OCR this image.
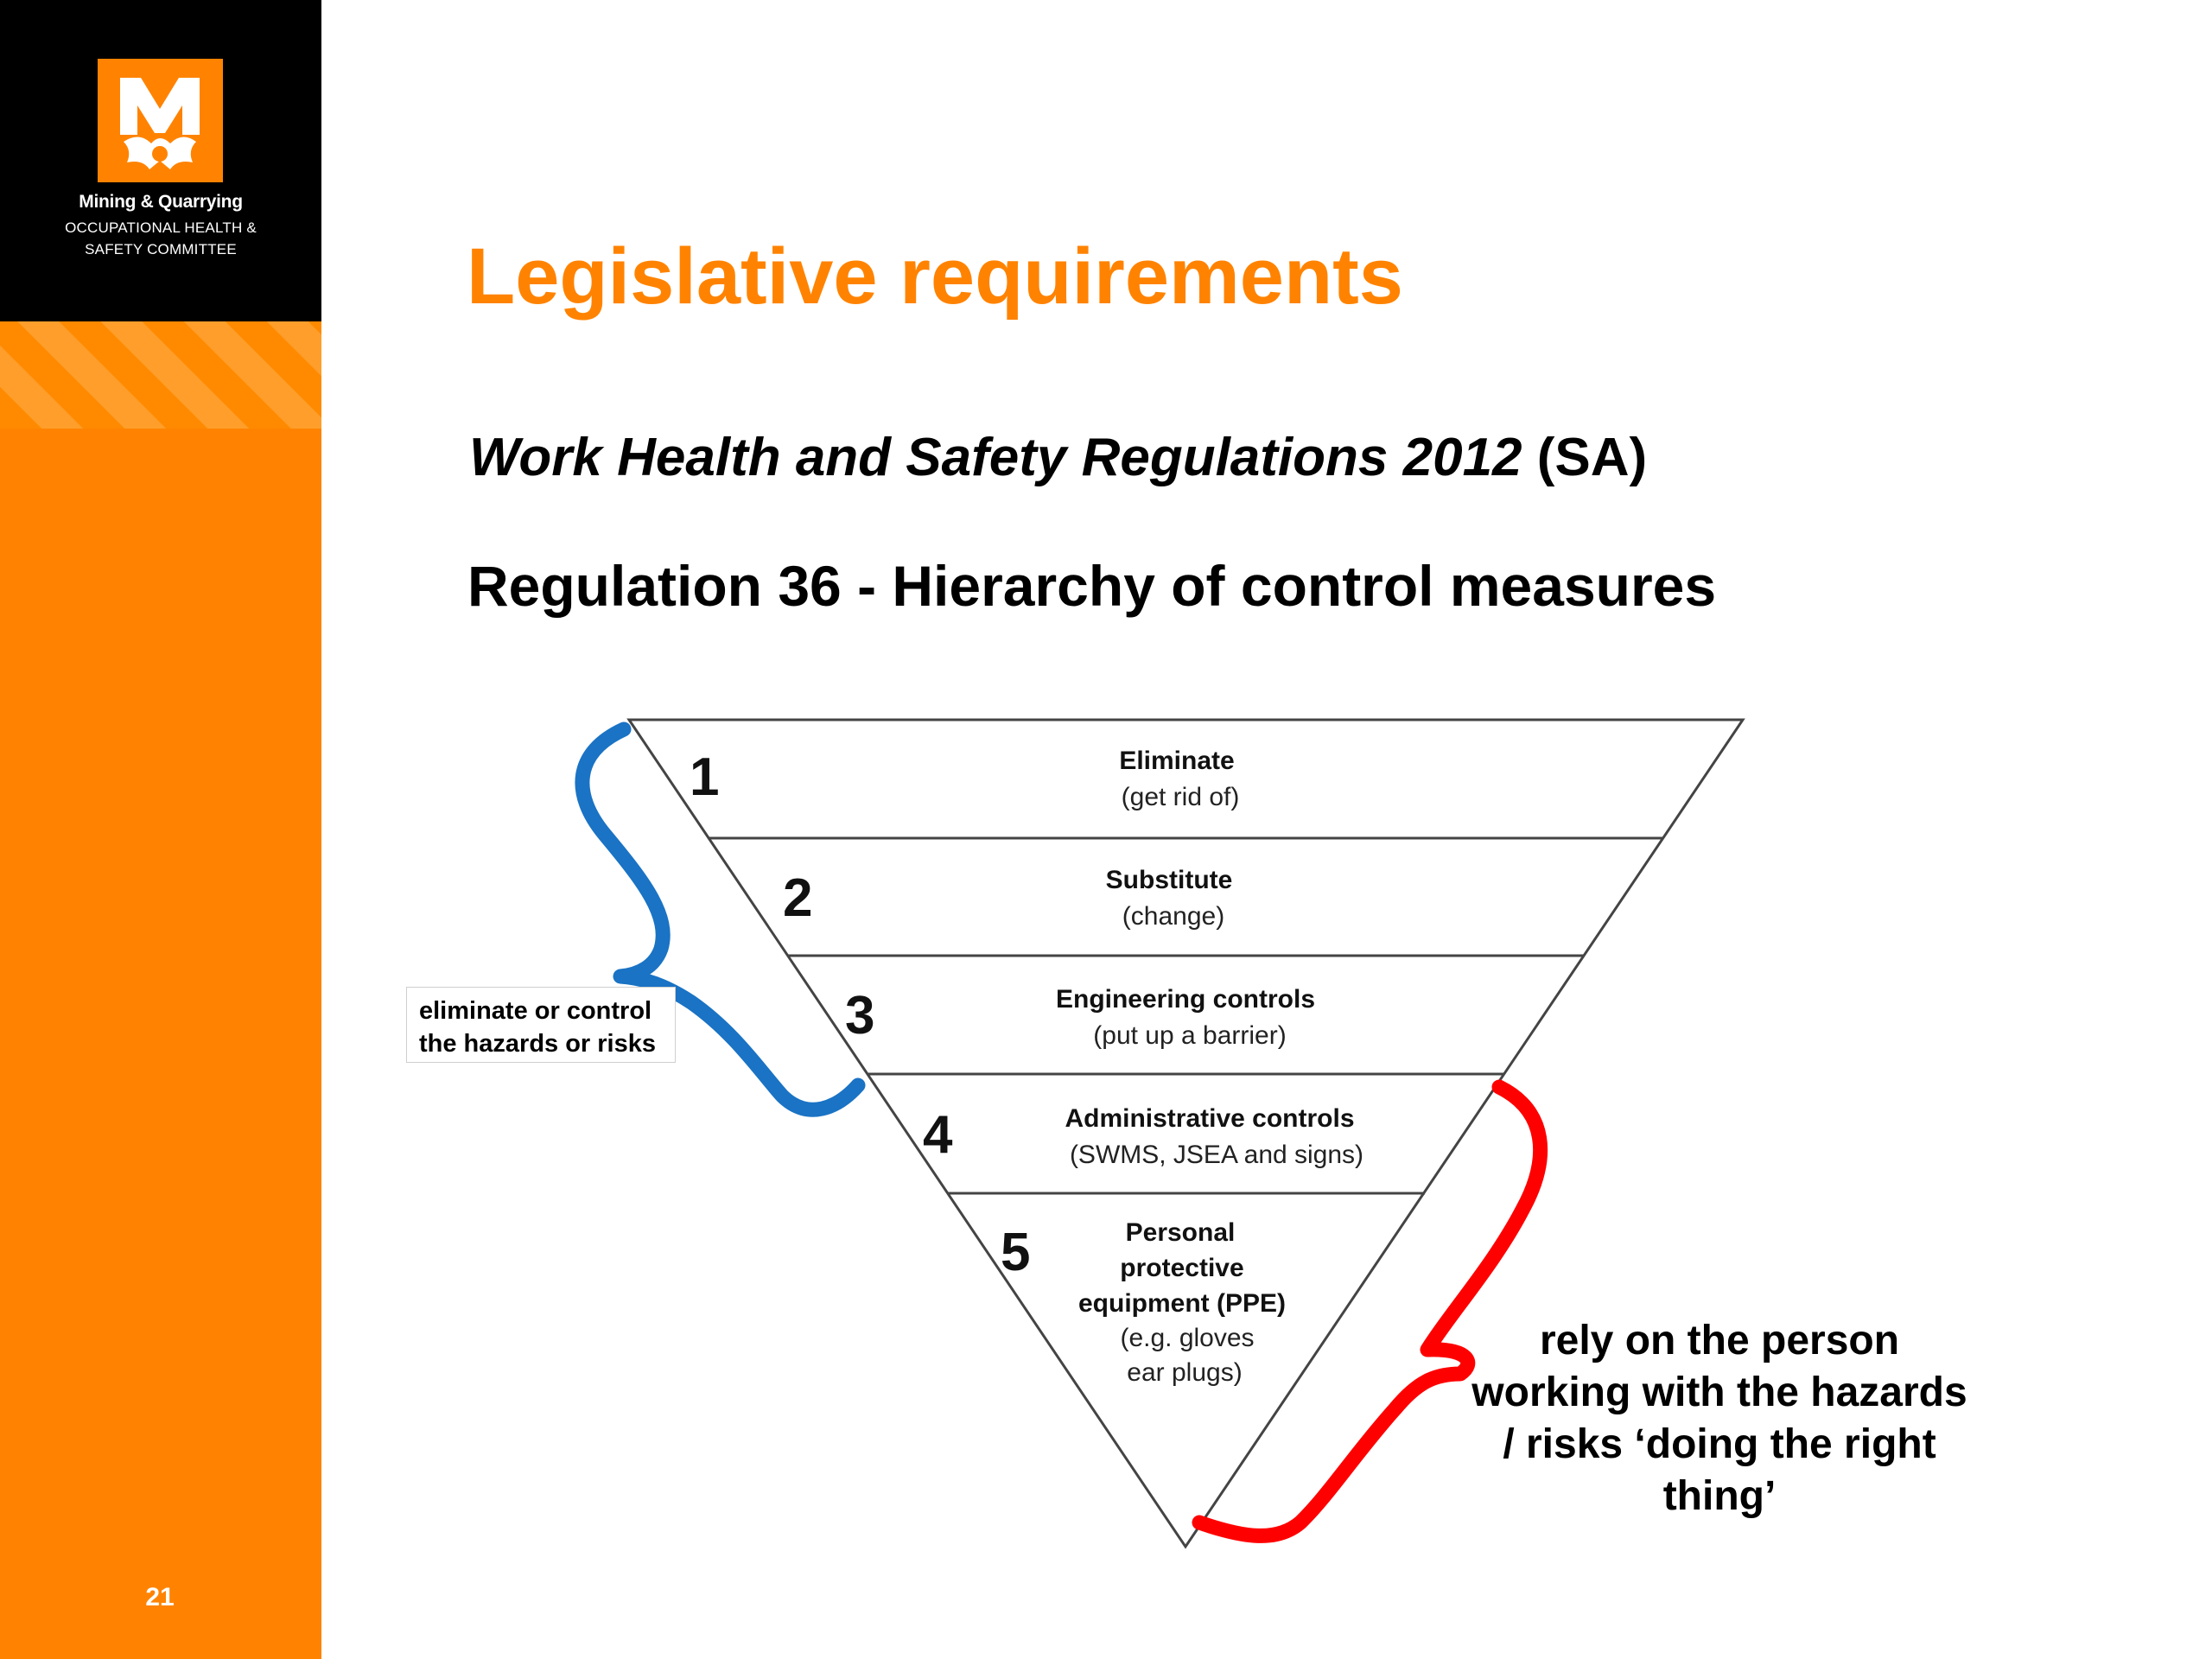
Mining & Quarrying
OCCUPATIONAL HEALTH &
SAFETY COMMITTEE
21
Legislative requirements
Work Health and Safety Regulations 2012 (SA)
Regulation 36 - Hierarchy of control measures
1	Eliminate
(get rid of)
2	Substitute
(change)
3	Engineering controls
(put up a barrier)
4	Administrative controls
(SWMS, JSEA and signs)
5	Personal
protective
equipment (PPE)
(e.g. gloves
ear plugs)
eliminate or control
the hazards or risks
rely on the person
working with the hazards
/ risks ‘doing the right
thing’
